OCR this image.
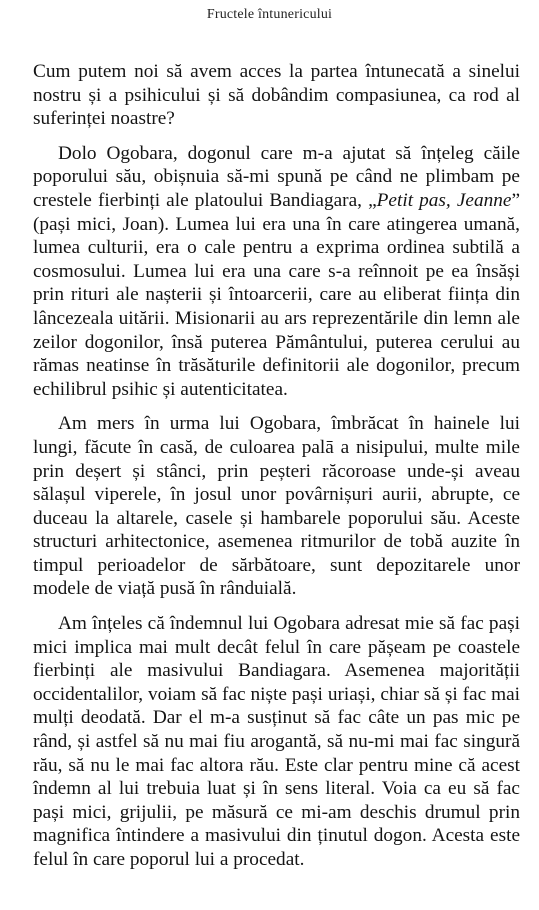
Fructele întunericului

Cum putem noi să avem acces la partea întunecată a sinelui nostru și a psihicului și să dobândim compasiunea, ca rod al suferinței noastre?

Dolo Ogobara, dogonul care m-a ajutat să înțeleg căile poporului său, obișnuia să-mi spună pe când ne plimbam pe crestele fierbinți ale platoului Bandiagara, „Petit pas, Jeanne” (pași mici, Joan). Lumea lui era una în care atingerea umană, lumea culturii, era o cale pentru a exprima ordinea subtilă a cosmosului. Lumea lui era una care s-a reînnoit pe ea însăși prin rituri ale nașterii și întoarcerii, care au eliberat ființa din lâncezeala uitării. Misionarii au ars reprezentările din lemn ale zeilor dogonilor, însă puterea Pământului, puterea cerului au rămas neatinse în trăsăturile definitorii ale dogonilor, precum echilibrul psihic și autenticitatea.

Am mers în urma lui Ogobara, îmbrăcat în hainele lui lungi, făcute în casă, de culoarea palā a nisipului, multe mile prin deșert și stânci, prin peșteri răcoroase unde-și aveau sălașul viperele, în josul unor povârnișuri aurii, abrupte, ce duceau la altarele, casele și hambarele poporului său. Aceste structuri arhitectonice, asemenea ritmurilor de tobă auzite în timpul perioadelor de sărbătoare, sunt depozitarele unor modele de viață pusă în rânduială.

Am înțeles că îndemnul lui Ogobara adresat mie să fac pași mici implica mai mult decât felul în care pășeam pe coastele fierbinți ale masivului Bandiagara. Asemenea majorității occidentalilor, voiam să fac niște pași uriași, chiar să și fac mai mulți deodată. Dar el m-a susținut să fac câte un pas mic pe rând, și astfel să nu mai fiu arogantă, să nu-mi mai fac singură rău, să nu le mai fac altora rău. Este clar pentru mine că acest îndemn al lui trebuia luat și în sens literal. Voia ca eu să fac pași mici, grijulii, pe măsură ce mi-am deschis drumul prin magnifica întindere a masivului din ținutul dogon. Acesta este felul în care poporul lui a procedat.
